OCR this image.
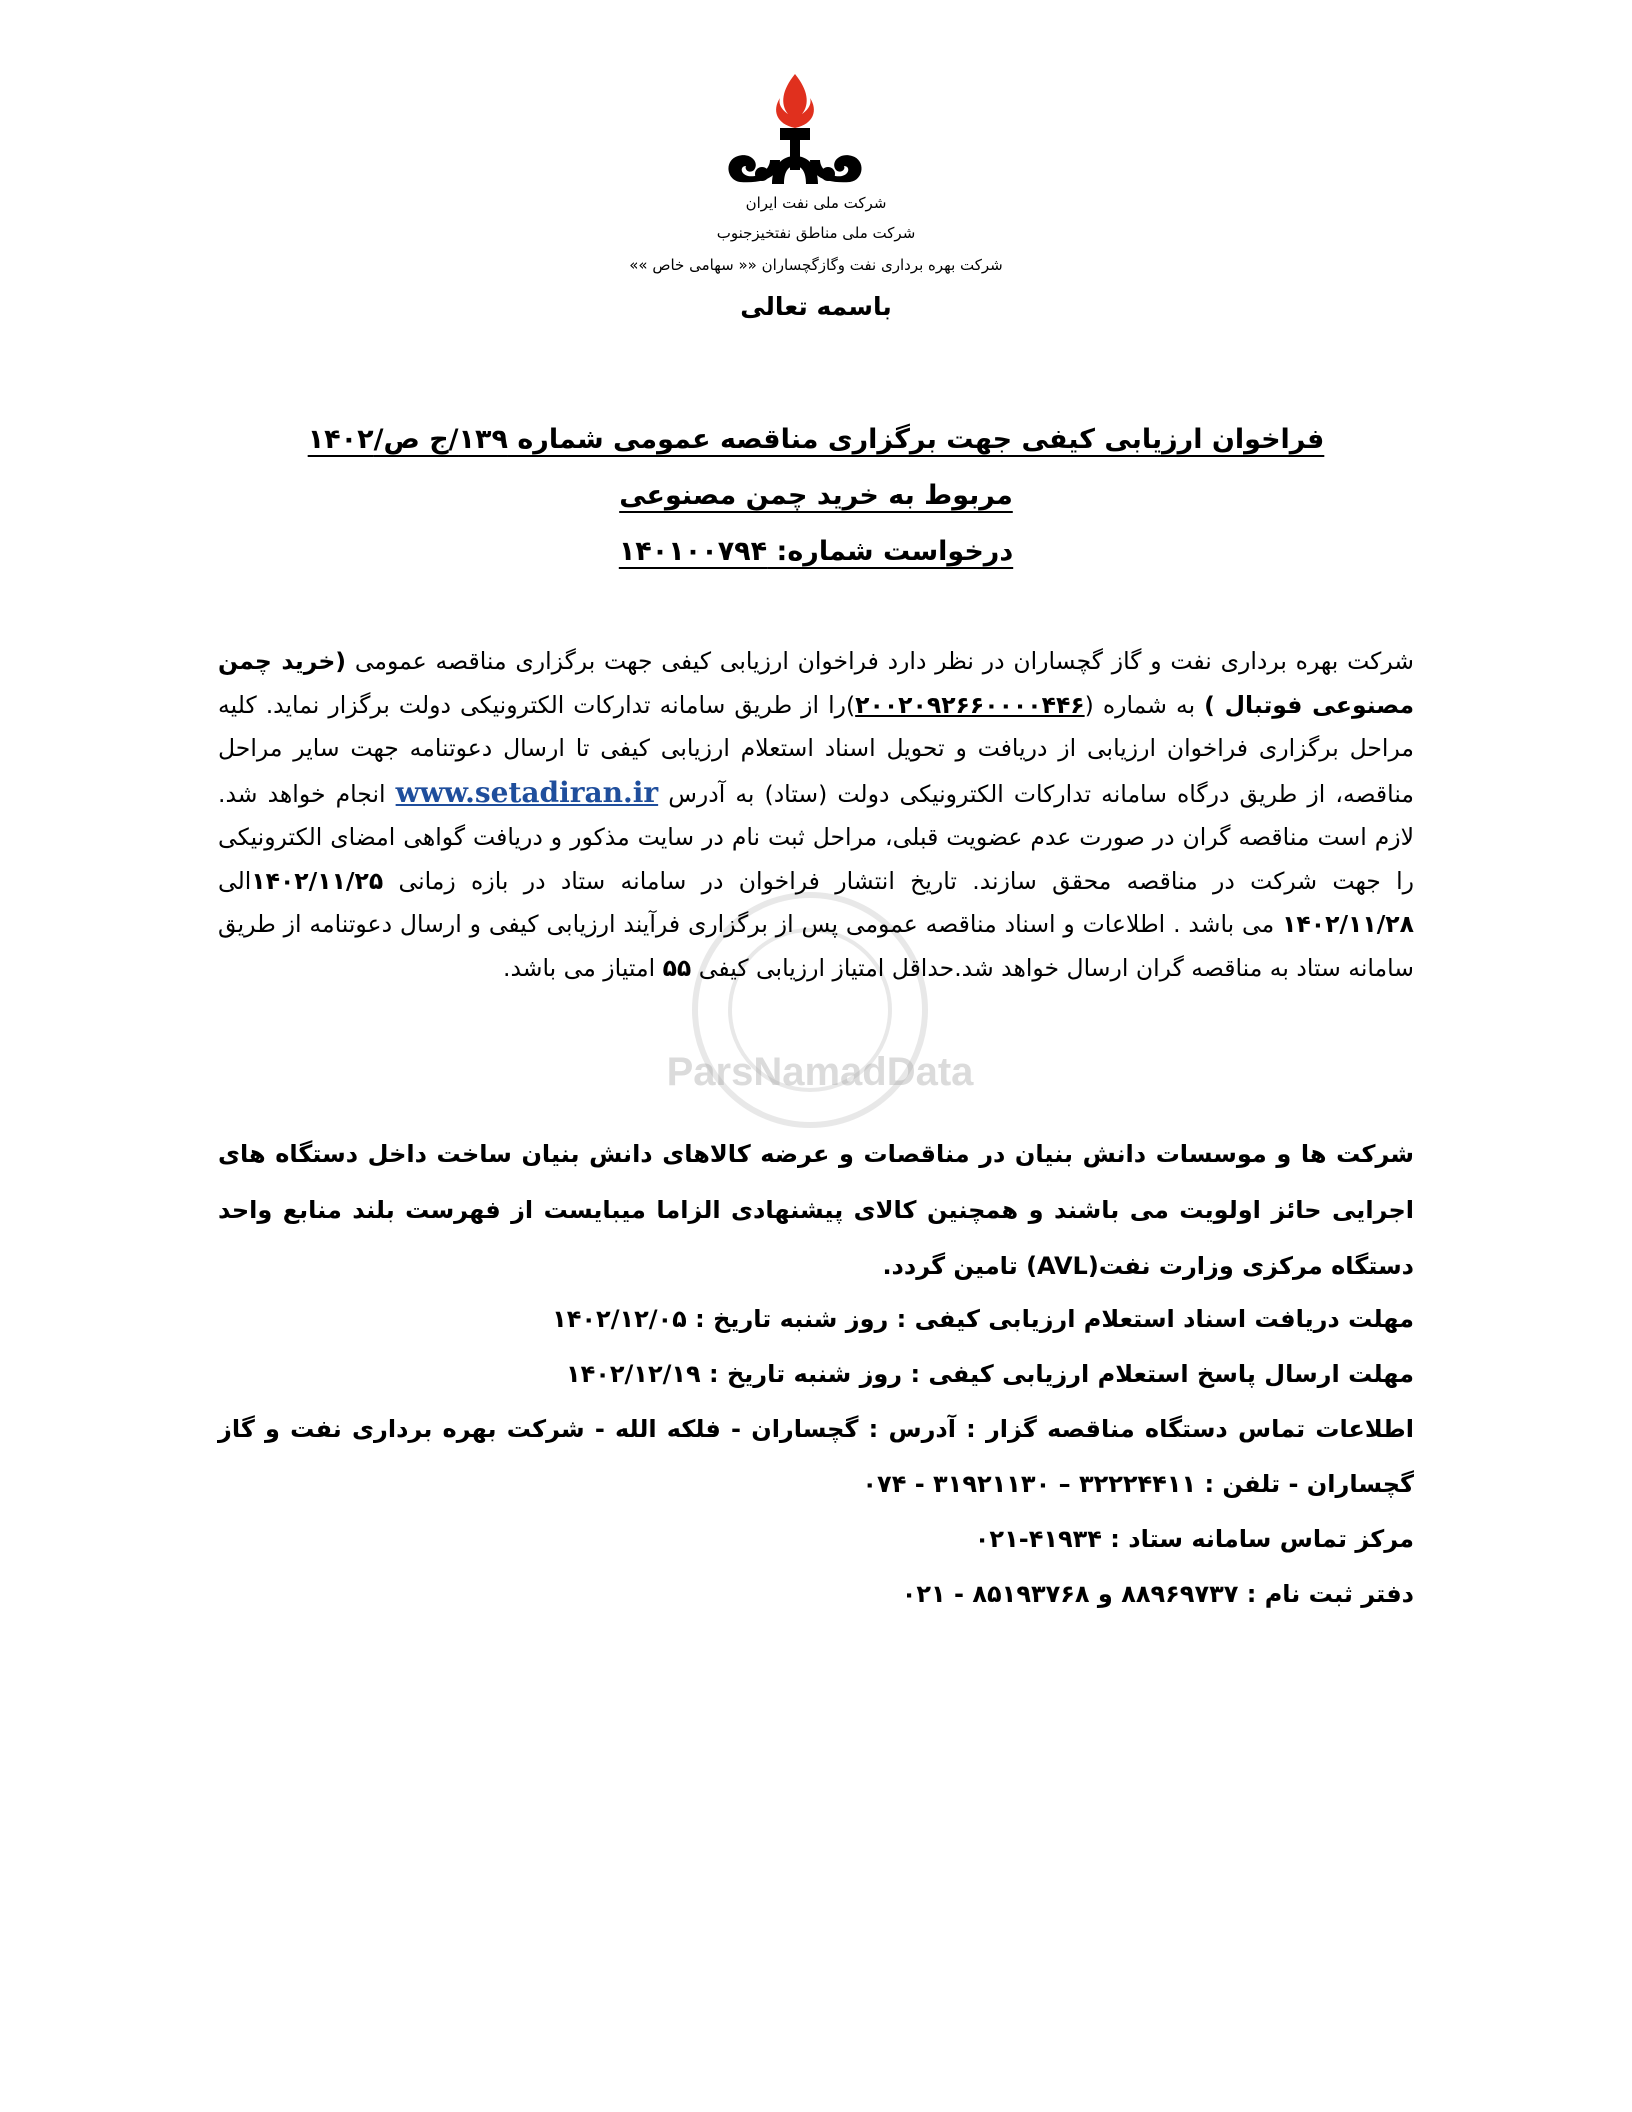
شرکت ملی نفت ایران
شرکت ملی مناطق نفتخیزجنوب
شرکت بهره برداری نفت وگازگچساران «« سهامی خاص »»
باسمه تعالی
فراخوان ارزیابی کیفی جهت برگزاری مناقصه عمومی شماره ۱۳۹/ج ص/۱۴۰۲
مربوط به خرید چمن مصنوعی
درخواست شماره: ۱۴۰۱۰۰۷۹۴
ParsNamadData
شرکت بهره برداری نفت و گاز گچساران در نظر دارد فراخوان ارزیابی کیفی جهت برگزاری مناقصه عمومی (خرید چمن مصنوعی فوتبال ) به شماره (۲۰۰۲۰۹۲۶۶۰۰۰۰۴۴۶)را از طریق سامانه تدارکات الکترونیکی دولت برگزار نماید. کلیه مراحل برگزاری فراخوان ارزیابی از دریافت و تحویل اسناد استعلام ارزیابی کیفی تا ارسال دعوتنامه جهت سایر مراحل مناقصه، از طریق درگاه سامانه تدارکات الکترونیکی دولت (ستاد) به آدرس www.setadiran.ir انجام خواهد شد. لازم است مناقصه گران در صورت عدم عضویت قبلی، مراحل ثبت نام در سایت مذکور و دریافت گواهی امضای الکترونیکی را جهت شرکت در مناقصه محقق سازند. تاریخ انتشار فراخوان در سامانه ستاد در بازه زمانی ۱۴۰۲/۱۱/۲۵الی ۱۴۰۲/۱۱/۲۸ می باشد . اطلاعات و اسناد مناقصه عمومی پس از برگزاری فرآیند ارزیابی کیفی و ارسال دعوتنامه از طریق سامانه ستاد به مناقصه گران ارسال خواهد شد.حداقل امتیاز ارزیابی کیفی ۵۵ امتیاز می باشد.
شرکت ها و موسسات دانش بنیان در مناقصات و عرضه کالاهای دانش بنیان ساخت داخل دستگاه های اجرایی حائز اولویت می باشند و همچنین کالای پیشنهادی الزاما میبایست از فهرست بلند منابع واحد دستگاه مرکزی وزارت نفت(AVL) تامین گردد.
مهلت دریافت اسناد استعلام ارزیابی کیفی : روز شنبه تاریخ : ۱۴۰۲/۱۲/۰۵
مهلت ارسال پاسخ استعلام ارزیابی کیفی : روز شنبه تاریخ : ۱۴۰۲/۱۲/۱۹
اطلاعات تماس دستگاه مناقصه گزار : آدرس : گچساران - فلکه الله - شرکت بهره برداری نفت و گاز گچساران - تلفن : ۳۲۲۲۴۴۱۱ – ۳۱۹۲۱۱۳۰ - ۰۷۴
مرکز تماس سامانه ستاد : ۴۱۹۳۴-۰۲۱
دفتر ثبت نام : ۸۸۹۶۹۷۳۷ و ۸۵۱۹۳۷۶۸ - ۰۲۱
